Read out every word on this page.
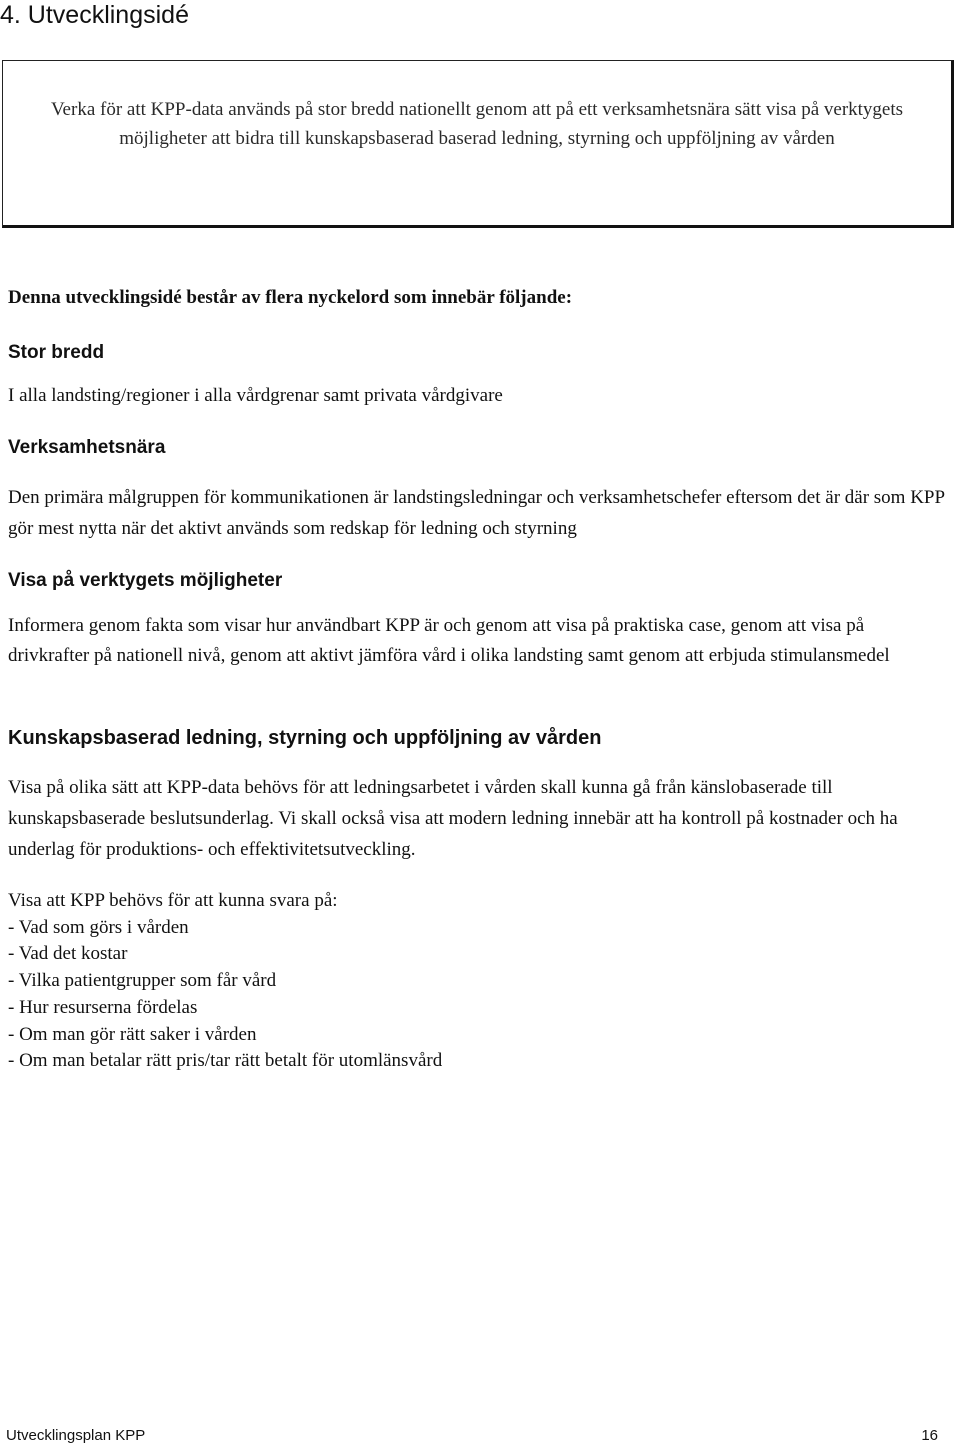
4. Utvecklingsidé

Verka för att KPP-data används på stor bredd nationellt genom att på ett verksamhetsnära sätt visa på verktygets möjligheter att bidra till kunskapsbaserad baserad ledning, styrning och uppföljning av vården

Denna utvecklingsidé består av flera nyckelord som innebär följande:

Stor bredd

I alla landsting/regioner i alla vårdgrenar samt privata vårdgivare

Verksamhetsnära

Den primära målgruppen för kommunikationen är landstingsledningar och verksamhetschefer eftersom det är där som KPP gör mest nytta när det aktivt används som redskap för ledning och styrning

Visa på verktygets möjligheter

Informera genom fakta som visar hur användbart KPP är och genom att visa på praktiska case, genom att visa på drivkrafter på nationell nivå, genom att aktivt jämföra vård i olika landsting samt genom att erbjuda stimulansmedel

Kunskapsbaserad ledning, styrning och uppföljning av vården

Visa på olika sätt att KPP-data behövs för att ledningsarbetet i vården skall kunna gå från känslobaserade till kunskapsbaserade beslutsunderlag. Vi skall också visa att modern ledning innebär att ha kontroll på kostnader och ha underlag för produktions- och effektivitetsutveckling.

Visa att KPP behövs för att kunna svara på:

- Vad som görs i vården
- Vad det kostar
- Vilka patientgrupper som får vård
- Hur resurserna fördelas
- Om man gör rätt saker i vården
- Om man betalar rätt pris/tar rätt betalt för utomlänsvård

Utvecklingsplan KPP	16
